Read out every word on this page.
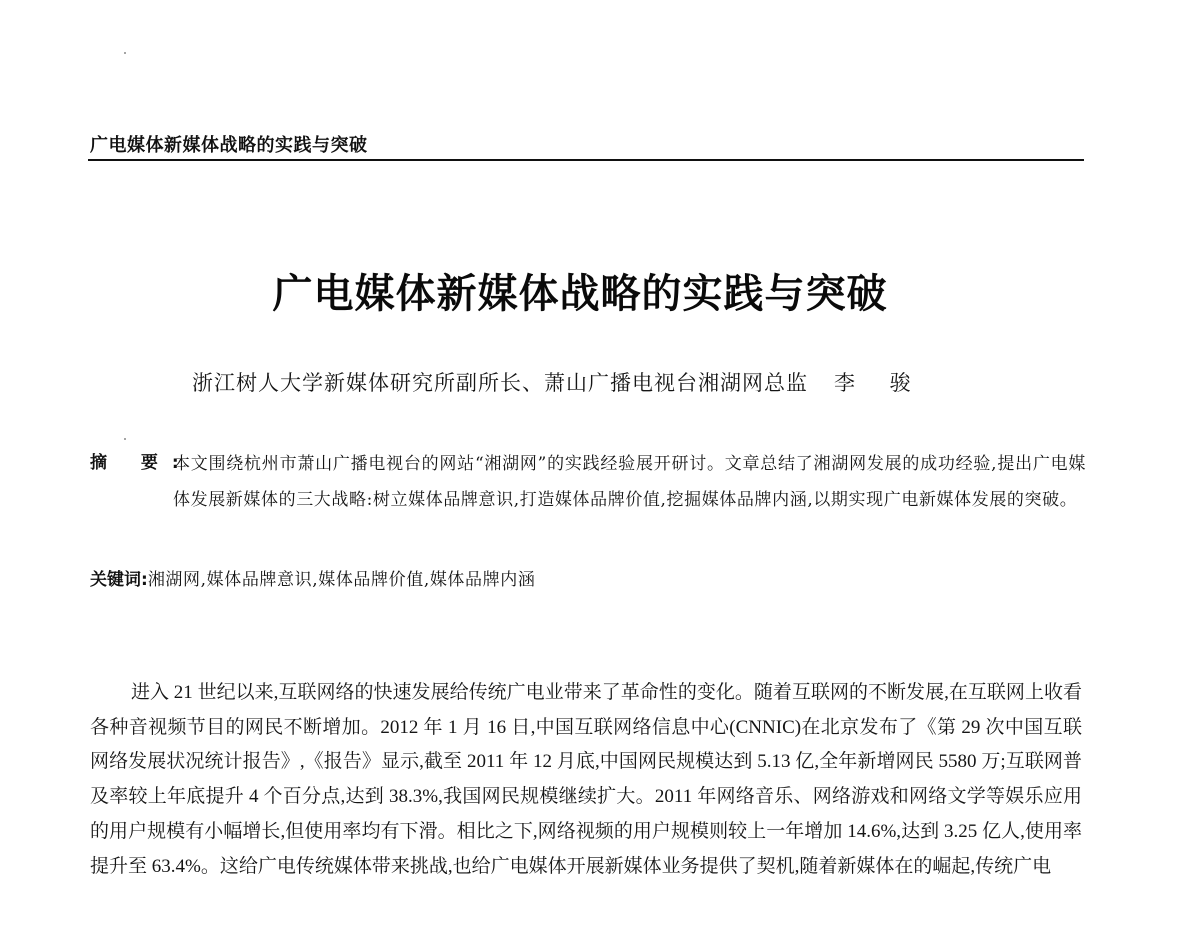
广电媒体新媒体战略的实践与突破
广电媒体新媒体战略的实践与突破
浙江树人大学新媒体研究所副所长、萧山广播电视台湘湖网总监 李 骏
摘 要:
本文围绕杭州市萧山广播电视台的网站“湘湖网”的实践经验展开研讨。文章总结了湘湖网发展的成功经验,提出广电媒体发展新媒体的三大战略:树立媒体品牌意识,打造媒体品牌价值,挖掘媒体品牌内涵,以期实现广电新媒体发展的突破。
关键词:湘湖网,媒体品牌意识,媒体品牌价值,媒体品牌内涵

进入 21 世纪以来,互联网络的快速发展给传统广电业带来了革命性的变化。随着互联网的不断发展,在互联网上收看各种音视频节目的网民不断增加。2012 年 1 月 16 日,中国互联网络信息中心(CNNIC)在北京发布了《第 29 次中国互联网络发展状况统计报告》,《报告》显示,截至 2011 年 12 月底,中国网民规模达到 5.13 亿,全年新增网民 5580 万;互联网普及率较上年底提升 4 个百分点,达到 38.3%,我国网民规模继续扩大。2011 年网络音乐、网络游戏和网络文学等娱乐应用的用户规模有小幅增长,但使用率均有下滑。相比之下,网络视频的用户规模则较上一年增加 14.6%,达到 3.25 亿人,使用率提升至 63.4%。这给广电传统媒体带来挑战,也给广电媒体开展新媒体业务提供了契机,随着新媒体在的崛起,传统广电
